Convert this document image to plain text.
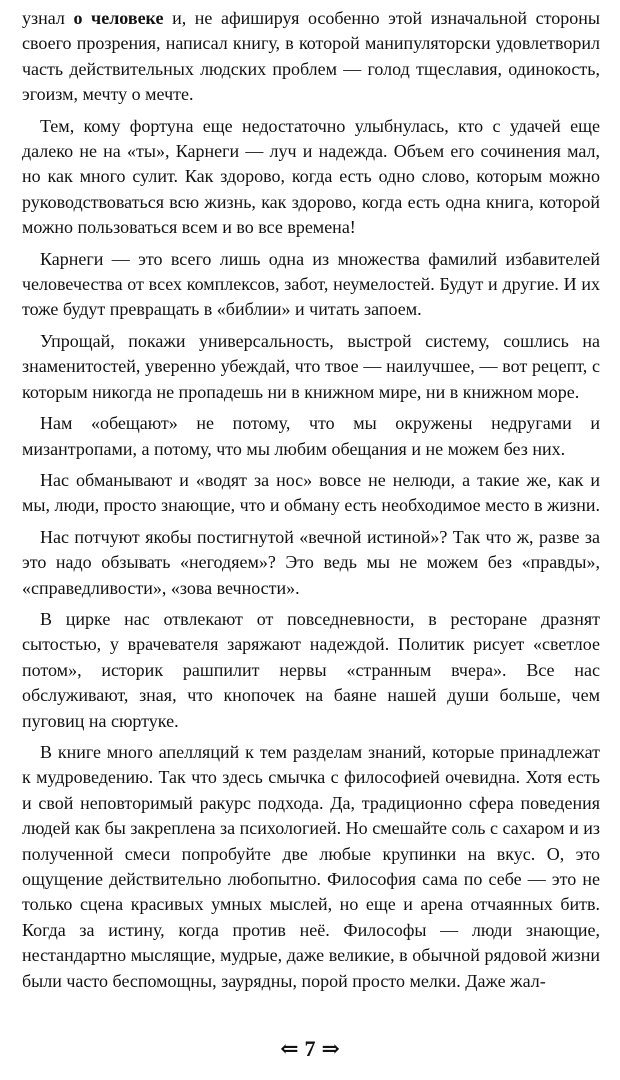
узнал о человеке и, не афишируя особенно этой изначальной стороны своего прозрения, написал книгу, в которой манипуляторски удовлетворил часть действительных людских проблем — голод тщеславия, одинокость, эгоизм, мечту о мечте.

Тем, кому фортуна еще недостаточно улыбнулась, кто с удачей еще далеко не на «ты», Карнеги — луч и надежда. Объем его сочинения мал, но как много сулит. Как здорово, когда есть одно слово, которым можно руководствоваться всю жизнь, как здорово, когда есть одна книга, которой можно пользоваться всем и во все времена!

Карнеги — это всего лишь одна из множества фамилий избавителей человечества от всех комплексов, забот, неумелостей. Будут и другие. И их тоже будут превращать в «библии» и читать запоем.

Упрощай, покажи универсальность, выстрой систему, сошлись на знаменитостей, уверенно убеждай, что твое — наилучшее, — вот рецепт, с которым никогда не пропадешь ни в книжном мире, ни в книжном море.

Нам «обещают» не потому, что мы окружены недругами и мизантропами, а потому, что мы любим обещания и не можем без них.

Нас обманывают и «водят за нос» вовсе не нелюди, а такие же, как и мы, люди, просто знающие, что и обману есть необходимое место в жизни.

Нас потчуют якобы постигнутой «вечной истиной»? Так что ж, разве за это надо обзывать «негодяем»? Это ведь мы не можем без «правды», «справедливости», «зова вечности».

В цирке нас отвлекают от повседневности, в ресторане дразнят сытостью, у врачевателя заряжают надеждой. Политик рисует «светлое потом», историк рашпилит нервы «странным вчера». Все нас обслуживают, зная, что кнопочек на баяне нашей души больше, чем пуговиц на сюртуке.

В книге много апелляций к тем разделам знаний, которые принадлежат к мудроведению. Так что здесь смычка с философией очевидна. Хотя есть и свой неповторимый ракурс подхода. Да, традиционно сфера поведения людей как бы закреплена за психологией. Но смешайте соль с сахаром и из полученной смеси попробуйте две любые крупинки на вкус. О, это ощущение действительно любопытно. Философия сама по себе — это не только сцена красивых умных мыслей, но еще и арена отчаянных битв. Когда за истину, когда против неё. Философы — люди знающие, нестандартно мыслящие, мудрые, даже великие, в обычной рядовой жизни были часто беспомощны, заурядны, порой просто мелки. Даже жал-

⇐ 7 ⇒
